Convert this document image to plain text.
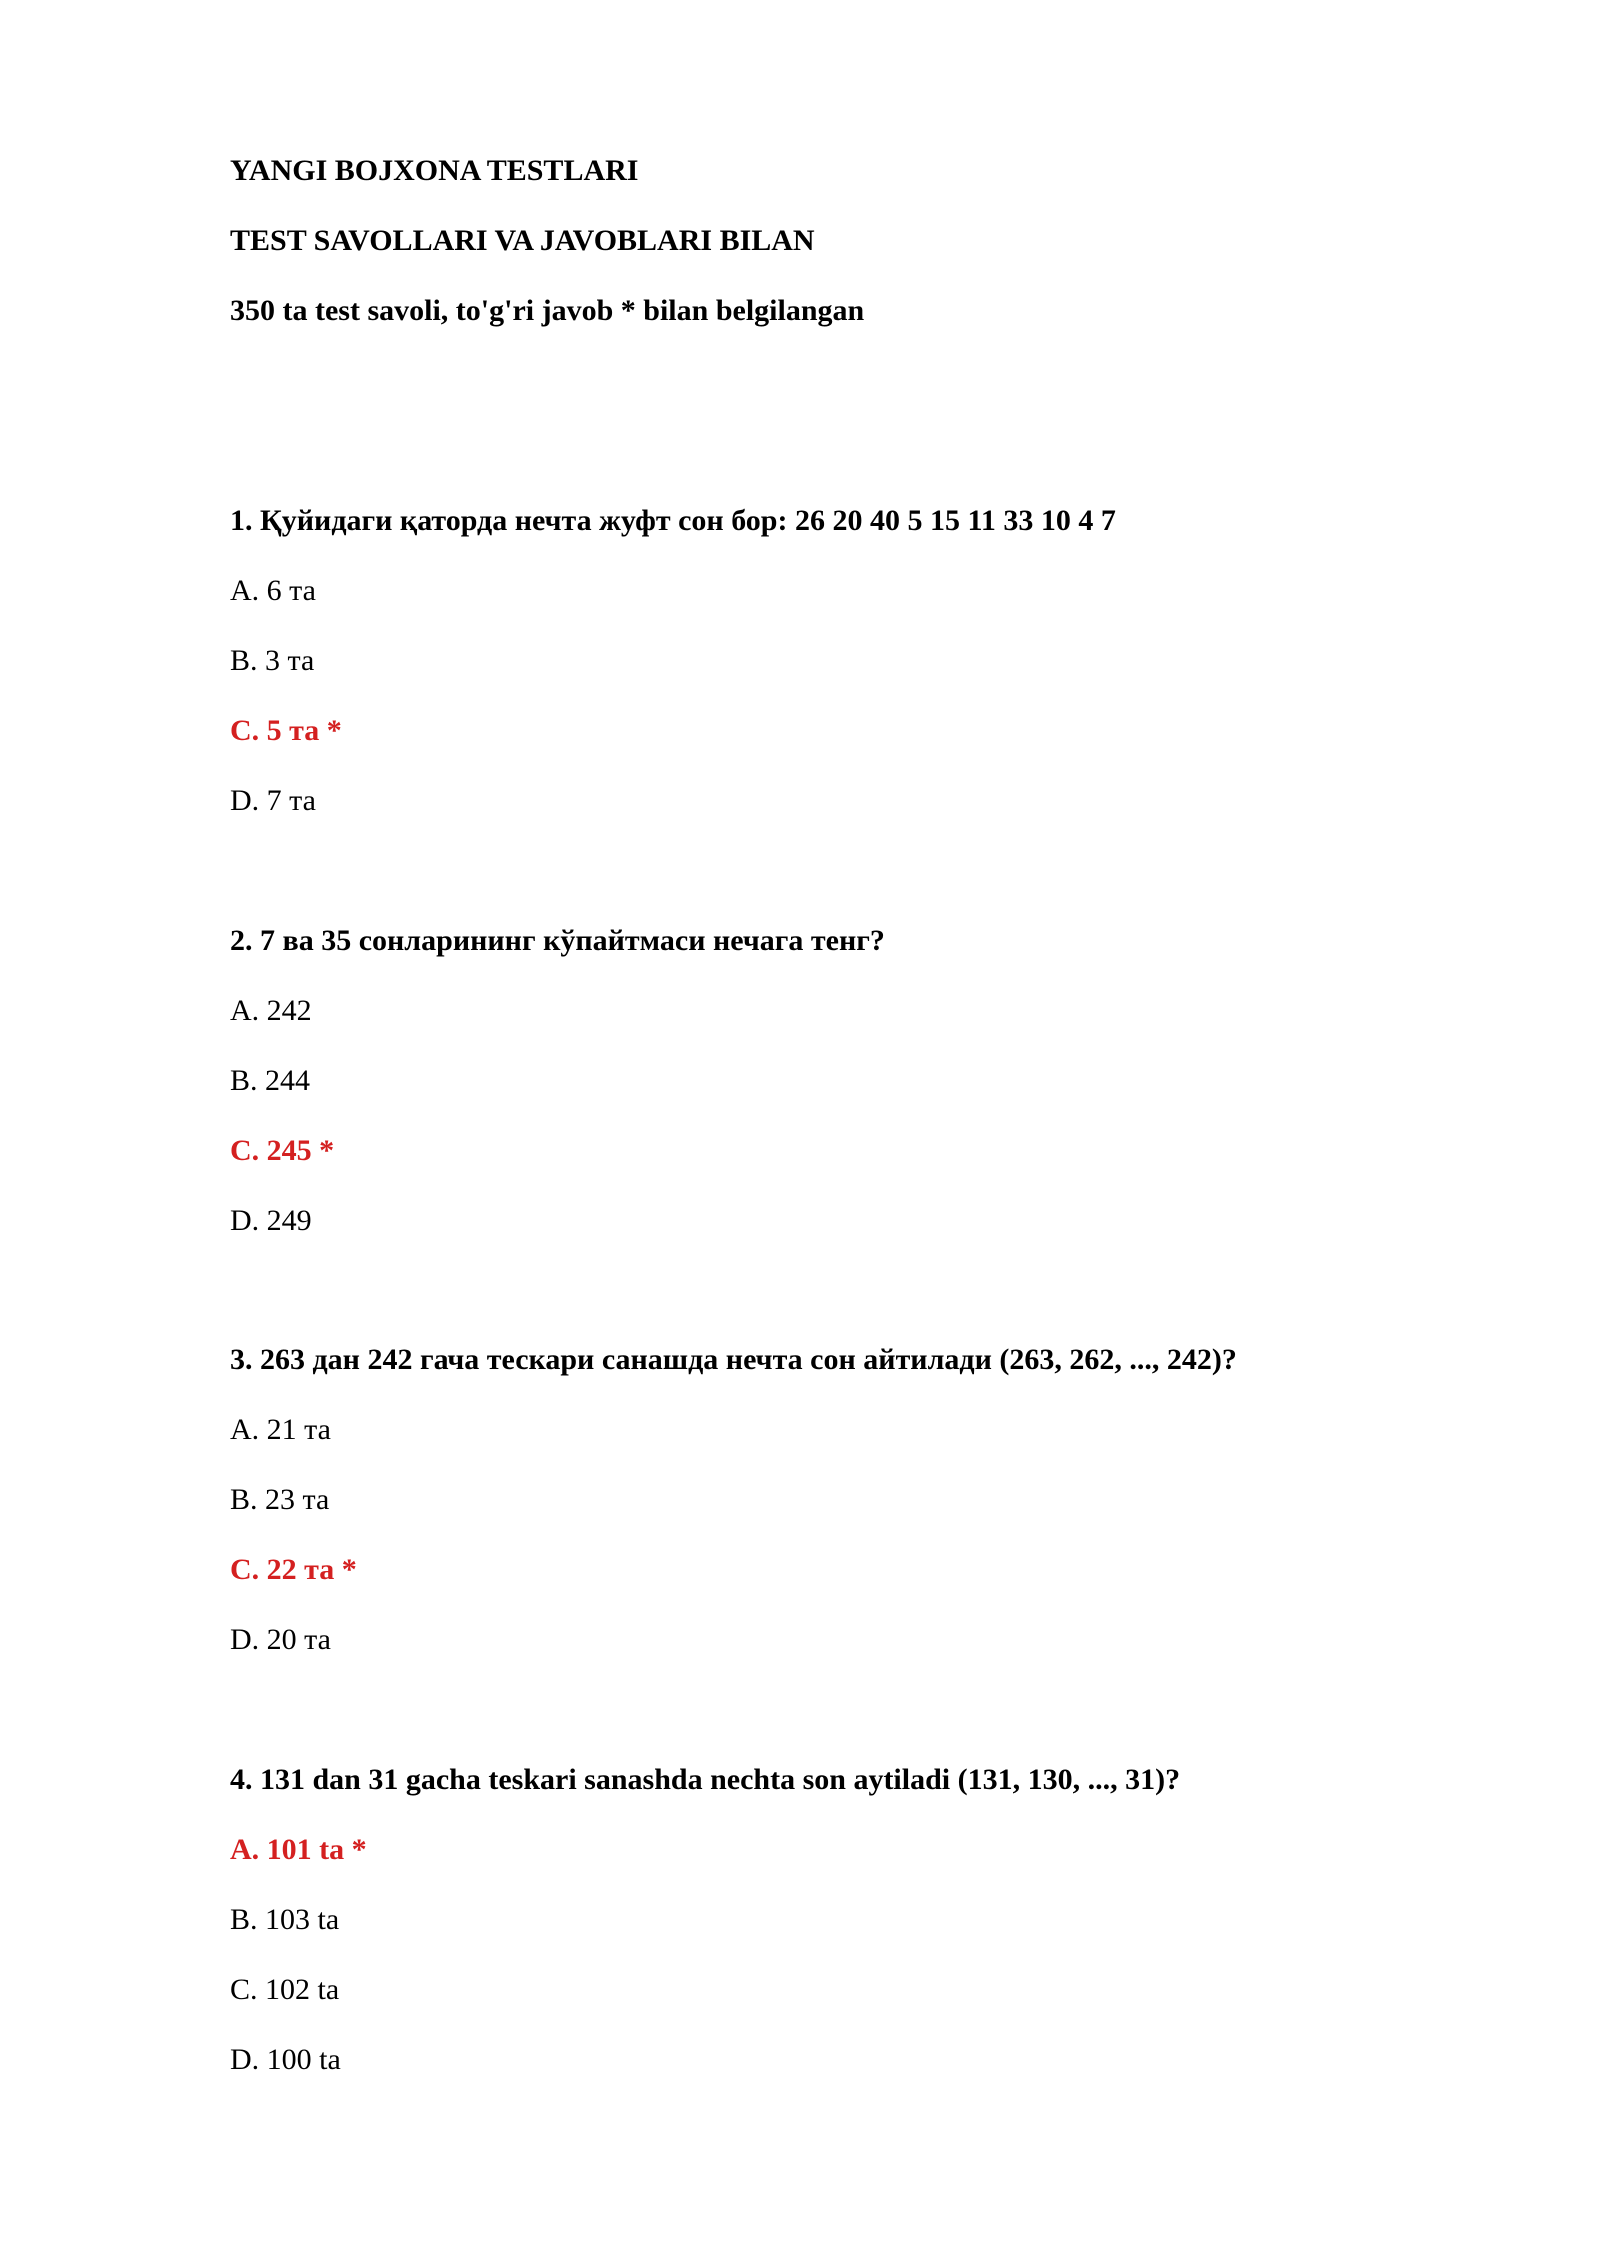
YANGI BOJXONA TESTLARI
TEST SAVOLLARI VA JAVOBLARI BILAN
350 ta test savoli, to'g'ri javob * bilan belgilangan
1. Қуйидаги қаторда нечта жуфт сон бор: 26 20 40 5 15 11 33 10 4 7
A. 6 та
B. 3 та
C. 5 та *
D. 7 та
2. 7 ва 35 сонларининг кўпайтмаси нечага тенг?
A. 242
B. 244
C. 245 *
D. 249
3. 263 дан 242 гача тескари санашда нечта сон айтилади (263, 262, ..., 242)?
A. 21 та
B. 23 та
C. 22 та *
D. 20 та
4. 131 dan 31 gacha teskari sanashda nechta son aytiladi (131, 130, ..., 31)?
A. 101 ta *
B. 103 ta
C. 102 ta
D. 100 ta
